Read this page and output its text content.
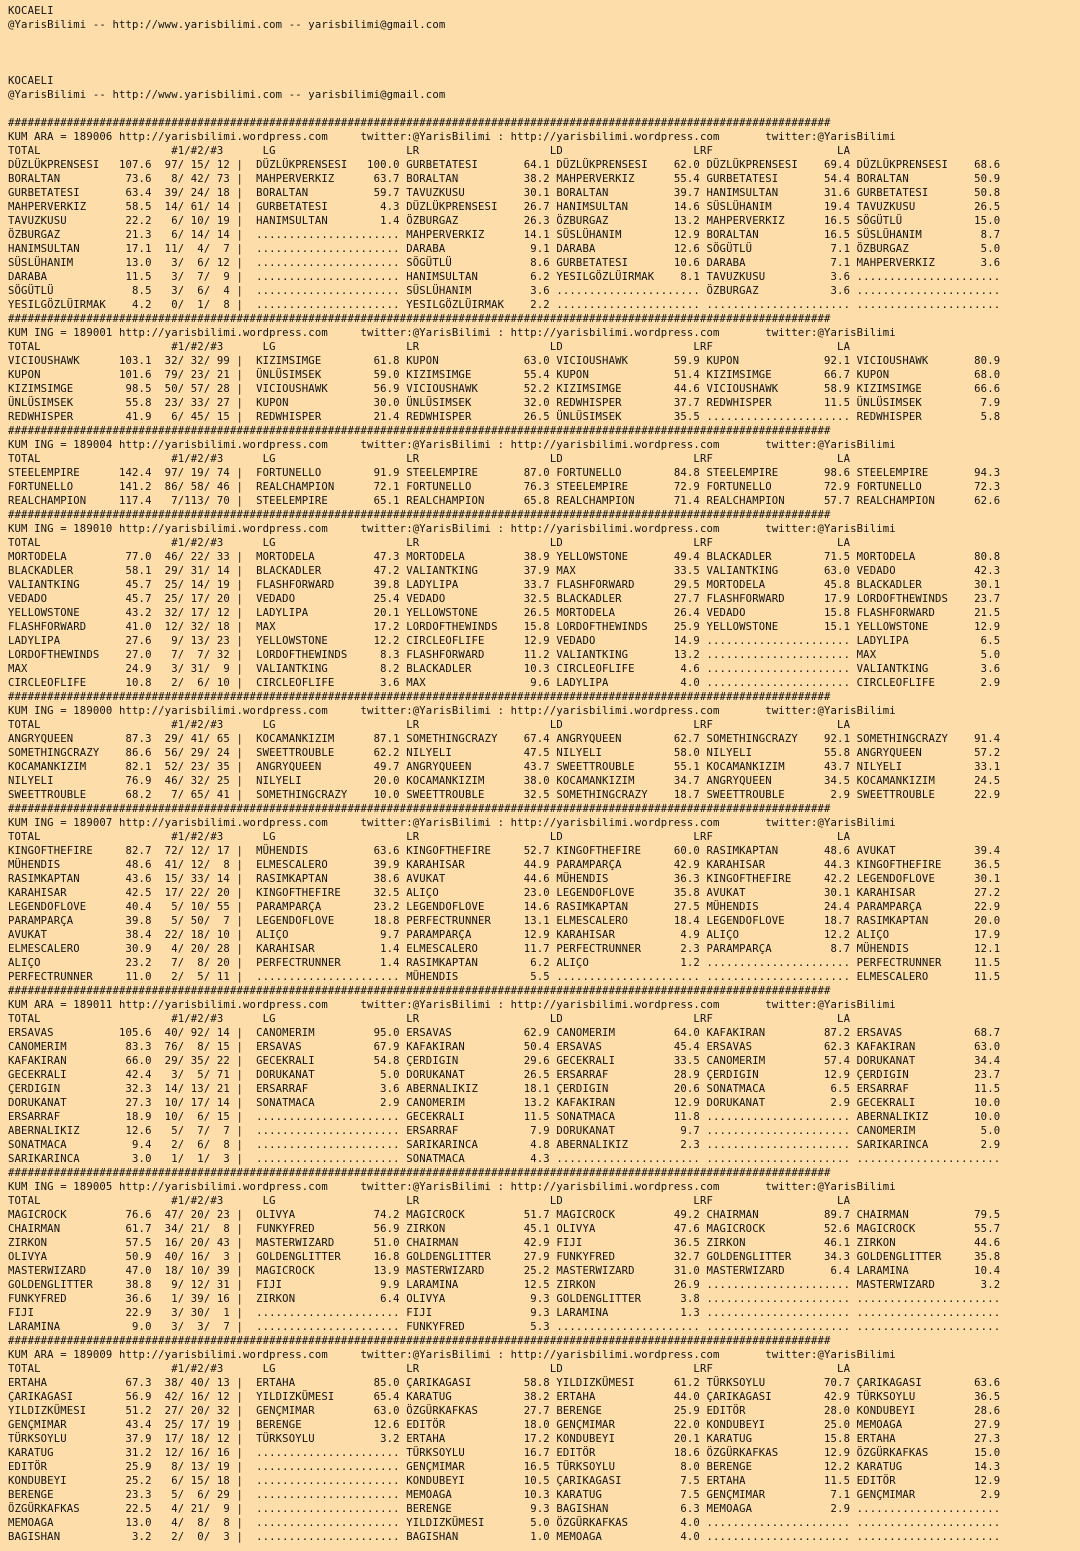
KOCAELI
@YarisBilimi -- http://www.yarisbilimi.com -- yarisbilimi@gmail.com
KOCAELI
@YarisBilimi -- http://www.yarisbilimi.com -- yarisbilimi@gmail.com
##############################################################################################################################
KUM ARA = 189006 http://yarisbilimi.wordpress.com     twitter:@YarisBilimi : http://yarisbilimi.wordpress.com       twitter:@YarisBilimi
TOTAL                    #1/#2/#3      LG                    LR                    LD                    LRF                   LA
DÜZLÜKPRENSESI   107.6  97/ 15/ 12 |  DÜZLÜKPRENSESI   100.0 GURBETATESI       64.1 DÜZLÜKPRENSESI    62.0 DÜZLÜKPRENSESI    69.4 DÜZLÜKPRENSESI    68.6
BORALTAN          73.6   8/ 42/ 73 |  MAHPERVERKIZ      63.7 BORALTAN          38.2 MAHPERVERKIZ      55.4 GURBETATESI       54.4 BORALTAN          50.9
GURBETATESI       63.4  39/ 24/ 18 |  BORALTAN          59.7 TAVUZKUSU         30.1 BORALTAN          39.7 HANIMSULTAN       31.6 GURBETATESI       50.8
MAHPERVERKIZ      58.5  14/ 61/ 14 |  GURBETATESI        4.3 DÜZLÜKPRENSESI    26.7 HANIMSULTAN       14.6 SÜSLÜHANIM        19.4 TAVUZKUSU         26.5
TAVUZKUSU         22.2   6/ 10/ 19 |  HANIMSULTAN        1.4 ÖZBURGAZ          26.3 ÖZBURGAZ          13.2 MAHPERVERKIZ      16.5 SÖGÜTLÜ           15.0
ÖZBURGAZ          21.3   6/ 14/ 14 |  ...................... MAHPERVERKIZ      14.1 SÜSLÜHANIM        12.9 BORALTAN          16.5 SÜSLÜHANIM         8.7
HANIMSULTAN       17.1  11/  4/  7 |  ...................... DARABA             9.1 DARABA            12.6 SÖGÜTLÜ            7.1 ÖZBURGAZ           5.0
SÜSLÜHANIM        13.0   3/  6/ 12 |  ...................... SÖGÜTLÜ            8.6 GURBETATESI       10.6 DARABA             7.1 MAHPERVERKIZ       3.6
DARABA            11.5   3/  7/  9 |  ...................... HANIMSULTAN        6.2 YESILGÖZLÜIRMAK    8.1 TAVUZKUSU          3.6 ......................
SÖGÜTLÜ            8.5   3/  6/  4 |  ...................... SÜSLÜHANIM         3.6 ...................... ÖZBURGAZ           3.6 ......................
YESILGÖZLÜIRMAK    4.2   0/  1/  8 |  ...................... YESILGÖZLÜIRMAK    2.2 ...................... ...................... ......................
##############################################################################################################################
KUM ING = 189001 http://yarisbilimi.wordpress.com     twitter:@YarisBilimi : http://yarisbilimi.wordpress.com       twitter:@YarisBilimi
TOTAL                    #1/#2/#3      LG                    LR                    LD                    LRF                   LA
VICIOUSHAWK      103.1  32/ 32/ 99 |  KIZIMSIMGE        61.8 KUPON             63.0 VICIOUSHAWK       59.9 KUPON             92.1 VICIOUSHAWK       80.9
KUPON            101.6  79/ 23/ 21 |  ÜNLÜSIMSEK        59.0 KIZIMSIMGE        55.4 KUPON             51.4 KIZIMSIMGE        66.7 KUPON             68.0
KIZIMSIMGE        98.5  50/ 57/ 28 |  VICIOUSHAWK       56.9 VICIOUSHAWK       52.2 KIZIMSIMGE        44.6 VICIOUSHAWK       58.9 KIZIMSIMGE        66.6
ÜNLÜSIMSEK        55.8  23/ 33/ 27 |  KUPON             30.0 ÜNLÜSIMSEK        32.0 REDWHISPER        37.7 REDWHISPER        11.5 ÜNLÜSIMSEK         7.9
REDWHISPER        41.9   6/ 45/ 15 |  REDWHISPER        21.4 REDWHISPER        26.5 ÜNLÜSIMSEK        35.5 ...................... REDWHISPER         5.8
##############################################################################################################################
KUM ING = 189004 http://yarisbilimi.wordpress.com     twitter:@YarisBilimi : http://yarisbilimi.wordpress.com       twitter:@YarisBilimi
TOTAL                    #1/#2/#3      LG                    LR                    LD                    LRF                   LA
STEELEMPIRE      142.4  97/ 19/ 74 |  FORTUNELLO        91.9 STEELEMPIRE       87.0 FORTUNELLO        84.8 STEELEMPIRE       98.6 STEELEMPIRE       94.3
FORTUNELLO       141.2  86/ 58/ 46 |  REALCHAMPION      72.1 FORTUNELLO        76.3 STEELEMPIRE       72.9 FORTUNELLO        72.9 FORTUNELLO        72.3
REALCHAMPION     117.4   7/113/ 70 |  STEELEMPIRE       65.1 REALCHAMPION      65.8 REALCHAMPION      71.4 REALCHAMPION      57.7 REALCHAMPION      62.6
##############################################################################################################################
KUM ING = 189010 http://yarisbilimi.wordpress.com     twitter:@YarisBilimi : http://yarisbilimi.wordpress.com       twitter:@YarisBilimi
TOTAL                    #1/#2/#3      LG                    LR                    LD                    LRF                   LA
MORTODELA         77.0  46/ 22/ 33 |  MORTODELA         47.3 MORTODELA         38.9 YELLOWSTONE       49.4 BLACKADLER        71.5 MORTODELA         80.8
BLACKADLER        58.1  29/ 31/ 14 |  BLACKADLER        47.2 VALIANTKING       37.9 MAX               33.5 VALIANTKING       63.0 VEDADO            42.3
VALIANTKING       45.7  25/ 14/ 19 |  FLASHFORWARD      39.8 LADYLIPA          33.7 FLASHFORWARD      29.5 MORTODELA         45.8 BLACKADLER        30.1
VEDADO            45.7  25/ 17/ 20 |  VEDADO            25.4 VEDADO            32.5 BLACKADLER        27.7 FLASHFORWARD      17.9 LORDOFTHEWINDS    23.7
YELLOWSTONE       43.2  32/ 17/ 12 |  LADYLIPA          20.1 YELLOWSTONE       26.5 MORTODELA         26.4 VEDADO            15.8 FLASHFORWARD      21.5
FLASHFORWARD      41.0  12/ 32/ 18 |  MAX               17.2 LORDOFTHEWINDS    15.8 LORDOFTHEWINDS    25.9 YELLOWSTONE       15.1 YELLOWSTONE       12.9
LADYLIPA          27.6   9/ 13/ 23 |  YELLOWSTONE       12.2 CIRCLEOFLIFE      12.9 VEDADO            14.9 ...................... LADYLIPA           6.5
LORDOFTHEWINDS    27.0   7/  7/ 32 |  LORDOFTHEWINDS     8.3 FLASHFORWARD      11.2 VALIANTKING       13.2 ...................... MAX                5.0
MAX               24.9   3/ 31/  9 |  VALIANTKING        8.2 BLACKADLER        10.3 CIRCLEOFLIFE       4.6 ...................... VALIANTKING        3.6
CIRCLEOFLIFE      10.8   2/  6/ 10 |  CIRCLEOFLIFE       3.6 MAX                9.6 LADYLIPA           4.0 ...................... CIRCLEOFLIFE       2.9
##############################################################################################################################
KUM ING = 189000 http://yarisbilimi.wordpress.com     twitter:@YarisBilimi : http://yarisbilimi.wordpress.com       twitter:@YarisBilimi
TOTAL                    #1/#2/#3      LG                    LR                    LD                    LRF                   LA
ANGRYQUEEN        87.3  29/ 41/ 65 |  KOCAMANKIZIM      87.1 SOMETHINGCRAZY    67.4 ANGRYQUEEN        62.7 SOMETHINGCRAZY    92.1 SOMETHINGCRAZY    91.4
SOMETHINGCRAZY    86.6  56/ 29/ 24 |  SWEETTROUBLE      62.2 NILYELI           47.5 NILYELI           58.0 NILYELI           55.8 ANGRYQUEEN        57.2
KOCAMANKIZIM      82.1  52/ 23/ 35 |  ANGRYQUEEN        49.7 ANGRYQUEEN        43.7 SWEETTROUBLE      55.1 KOCAMANKIZIM      43.7 NILYELI           33.1
NILYELI           76.9  46/ 32/ 25 |  NILYELI           20.0 KOCAMANKIZIM      38.0 KOCAMANKIZIM      34.7 ANGRYQUEEN        34.5 KOCAMANKIZIM      24.5
SWEETTROUBLE      68.2   7/ 65/ 41 |  SOMETHINGCRAZY    10.0 SWEETTROUBLE      32.5 SOMETHINGCRAZY    18.7 SWEETTROUBLE       2.9 SWEETTROUBLE      22.9
##############################################################################################################################
KUM ING = 189007 http://yarisbilimi.wordpress.com     twitter:@YarisBilimi : http://yarisbilimi.wordpress.com       twitter:@YarisBilimi
TOTAL                    #1/#2/#3      LG                    LR                    LD                    LRF                   LA
KINGOFTHEFIRE     82.7  72/ 12/ 17 |  MÜHENDIS          63.6 KINGOFTHEFIRE     52.7 KINGOFTHEFIRE     60.0 RASIMKAPTAN       48.6 AVUKAT            39.4
MÜHENDIS          48.6  41/ 12/  8 |  ELMESCALERO       39.9 KARAHISAR         44.9 PARAMPARÇA        42.9 KARAHISAR         44.3 KINGOFTHEFIRE     36.5
RASIMKAPTAN       43.6  15/ 33/ 14 |  RASIMKAPTAN       38.6 AVUKAT            44.6 MÜHENDIS          36.3 KINGOFTHEFIRE     42.2 LEGENDOFLOVE      30.1
KARAHISAR         42.5  17/ 22/ 20 |  KINGOFTHEFIRE     32.5 ALIÇO             23.0 LEGENDOFLOVE      35.8 AVUKAT            30.1 KARAHISAR         27.2
LEGENDOFLOVE      40.4   5/ 10/ 55 |  PARAMPARÇA        23.2 LEGENDOFLOVE      14.6 RASIMKAPTAN       27.5 MÜHENDIS          24.4 PARAMPARÇA        22.9
PARAMPARÇA        39.8   5/ 50/  7 |  LEGENDOFLOVE      18.8 PERFECTRUNNER     13.1 ELMESCALERO       18.4 LEGENDOFLOVE      18.7 RASIMKAPTAN       20.0
AVUKAT            38.4  22/ 18/ 10 |  ALIÇO              9.7 PARAMPARÇA        12.9 KARAHISAR          4.9 ALIÇO             12.2 ALIÇO             17.9
ELMESCALERO       30.9   4/ 20/ 28 |  KARAHISAR          1.4 ELMESCALERO       11.7 PERFECTRUNNER      2.3 PARAMPARÇA         8.7 MÜHENDIS          12.1
ALIÇO             23.2   7/  8/ 20 |  PERFECTRUNNER      1.4 RASIMKAPTAN        6.2 ALIÇO              1.2 ...................... PERFECTRUNNER     11.5
PERFECTRUNNER     11.0   2/  5/ 11 |  ...................... MÜHENDIS           5.5 ...................... ...................... ELMESCALERO       11.5
##############################################################################################################################
KUM ARA = 189011 http://yarisbilimi.wordpress.com     twitter:@YarisBilimi : http://yarisbilimi.wordpress.com       twitter:@YarisBilimi
TOTAL                    #1/#2/#3      LG                    LR                    LD                    LRF                   LA
ERSAVAS          105.6  40/ 92/ 14 |  CANOMERIM         95.0 ERSAVAS           62.9 CANOMERIM         64.0 KAFAKIRAN         87.2 ERSAVAS           68.7
CANOMERIM         83.3  76/  8/ 15 |  ERSAVAS           67.9 KAFAKIRAN         50.4 ERSAVAS           45.4 ERSAVAS           62.3 KAFAKIRAN         63.0
KAFAKIRAN         66.0  29/ 35/ 22 |  GECEKRALI         54.8 ÇERDIGIN          29.6 GECEKRALI         33.5 CANOMERIM         57.4 DORUKANAT         34.4
GECEKRALI         42.4   3/  5/ 71 |  DORUKANAT          5.0 DORUKANAT         26.5 ERSARRAF          28.9 ÇERDIGIN          12.9 ÇERDIGIN          23.7
ÇERDIGIN          32.3  14/ 13/ 21 |  ERSARRAF           3.6 ABERNALIKIZ       18.1 ÇERDIGIN          20.6 SONATMACA          6.5 ERSARRAF          11.5
DORUKANAT         27.3  10/ 17/ 14 |  SONATMACA          2.9 CANOMERIM         13.2 KAFAKIRAN         12.9 DORUKANAT          2.9 GECEKRALI         10.0
ERSARRAF          18.9  10/  6/ 15 |  ...................... GECEKRALI         11.5 SONATMACA         11.8 ...................... ABERNALIKIZ       10.0
ABERNALIKIZ       12.6   5/  7/  7 |  ...................... ERSARRAF           7.9 DORUKANAT          9.7 ...................... CANOMERIM          5.0
SONATMACA          9.4   2/  6/  8 |  ...................... SARIKARINCA        4.8 ABERNALIKIZ        2.3 ...................... SARIKARINCA        2.9
SARIKARINCA        3.0   1/  1/  3 |  ...................... SONATMACA          4.3 ...................... ...................... ......................
##############################################################################################################################
KUM ING = 189005 http://yarisbilimi.wordpress.com     twitter:@YarisBilimi : http://yarisbilimi.wordpress.com       twitter:@YarisBilimi
TOTAL                    #1/#2/#3      LG                    LR                    LD                    LRF                   LA
MAGICROCK         76.6  47/ 20/ 23 |  OLIVYA            74.2 MAGICROCK         51.7 MAGICROCK         49.2 CHAIRMAN          89.7 CHAIRMAN          79.5
CHAIRMAN          61.7  34/ 21/  8 |  FUNKYFRED         56.9 ZIRKON            45.1 OLIVYA            47.6 MAGICROCK         52.6 MAGICROCK         55.7
ZIRKON            57.5  16/ 20/ 43 |  MASTERWIZARD      51.0 CHAIRMAN          42.9 FIJI              36.5 ZIRKON            46.1 ZIRKON            44.6
OLIVYA            50.9  40/ 16/  3 |  GOLDENGLITTER     16.8 GOLDENGLITTER     27.9 FUNKYFRED         32.7 GOLDENGLITTER     34.3 GOLDENGLITTER     35.8
MASTERWIZARD      47.0  18/ 10/ 39 |  MAGICROCK         13.9 MASTERWIZARD      25.2 MASTERWIZARD      31.0 MASTERWIZARD       6.4 LARAMINA          10.4
GOLDENGLITTER     38.8   9/ 12/ 31 |  FIJI               9.9 LARAMINA          12.5 ZIRKON            26.9 ...................... MASTERWIZARD       3.2
FUNKYFRED         36.6   1/ 39/ 16 |  ZIRKON             6.4 OLIVYA             9.3 GOLDENGLITTER      3.8 ...................... ......................
FIJI              22.9   3/ 30/  1 |  ...................... FIJI               9.3 LARAMINA           1.3 ...................... ......................
LARAMINA           9.0   3/  3/  7 |  ...................... FUNKYFRED          5.3 ...................... ...................... ......................
##############################################################################################################################
KUM ARA = 189009 http://yarisbilimi.wordpress.com     twitter:@YarisBilimi : http://yarisbilimi.wordpress.com       twitter:@YarisBilimi
TOTAL                    #1/#2/#3      LG                    LR                    LD                    LRF                   LA
ERTAHA            67.3  38/ 40/ 13 |  ERTAHA            85.0 ÇARIKAGASI        58.8 YILDIZKÜMESI      61.2 TÜRKSOYLU         70.7 ÇARIKAGASI        63.6
ÇARIKAGASI        56.9  42/ 16/ 12 |  YILDIZKÜMESI      65.4 KARATUG           38.2 ERTAHA            44.0 ÇARIKAGASI        42.9 TÜRKSOYLU         36.5
YILDIZKÜMESI      51.2  27/ 20/ 32 |  GENÇMIMAR         63.0 ÖZGÜRKAFKAS       27.7 BERENGE           25.9 EDITÖR            28.0 KONDUBEYI         28.6
GENÇMIMAR         43.4  25/ 17/ 19 |  BERENGE           12.6 EDITÖR            18.0 GENÇMIMAR         22.0 KONDUBEYI         25.0 MEMOAGA           27.9
TÜRKSOYLU         37.9  17/ 18/ 12 |  TÜRKSOYLU          3.2 ERTAHA            17.2 KONDUBEYI         20.1 KARATUG           15.8 ERTAHA            27.3
KARATUG           31.2  12/ 16/ 16 |  ...................... TÜRKSOYLU         16.7 EDITÖR            18.6 ÖZGÜRKAFKAS       12.9 ÖZGÜRKAFKAS       15.0
EDITÖR            25.9   8/ 13/ 19 |  ...................... GENÇMIMAR         16.5 TÜRKSOYLU          8.0 BERENGE           12.2 KARATUG           14.3
KONDUBEYI         25.2   6/ 15/ 18 |  ...................... KONDUBEYI         10.5 ÇARIKAGASI         7.5 ERTAHA            11.5 EDITÖR            12.9
BERENGE           23.3   5/  6/ 29 |  ...................... MEMOAGA           10.3 KARATUG            7.5 GENÇMIMAR          7.1 GENÇMIMAR          2.9
ÖZGÜRKAFKAS       22.5   4/ 21/  9 |  ...................... BERENGE            9.3 BAGISHAN           6.3 MEMOAGA            2.9 ......................
MEMOAGA           13.0   4/  8/  8 |  ...................... YILDIZKÜMESI       5.0 ÖZGÜRKAFKAS        4.0 ...................... ......................
BAGISHAN           3.2   2/  0/  3 |  ...................... BAGISHAN           1.0 MEMOAGA            4.0 ...................... ......................
